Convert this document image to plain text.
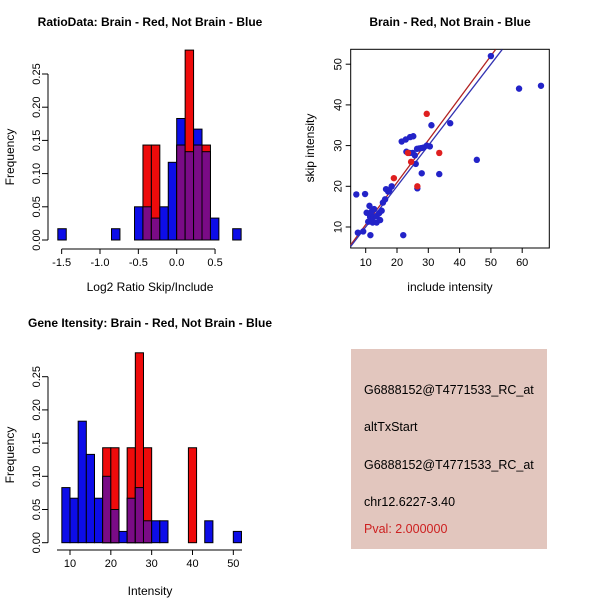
RatioData: Brain - Red, Not Brain - Blue
-1.5 -1.0 -0.5 0.0 0.5
0.00
0.05
0.10
0.15
0.20
0.25
Log2 Ratio Skip/Include
Frequency
Brain - Red, Not Brain - Blue
10 20 30 40 50 60
10
20
30
40
50
include intensity
skip intensity
Gene Itensity: Brain - Red, Not Brain - Blue
10	20	30	40	50
0.00
0.05
0.10
0.15
0.20
0.25
Intensity
Frequency
G6888152@T4771533_RC_at
altTxStart
G6888152@T4771533_RC_at
chr12.6227-3.40
Pval: 2.000000
